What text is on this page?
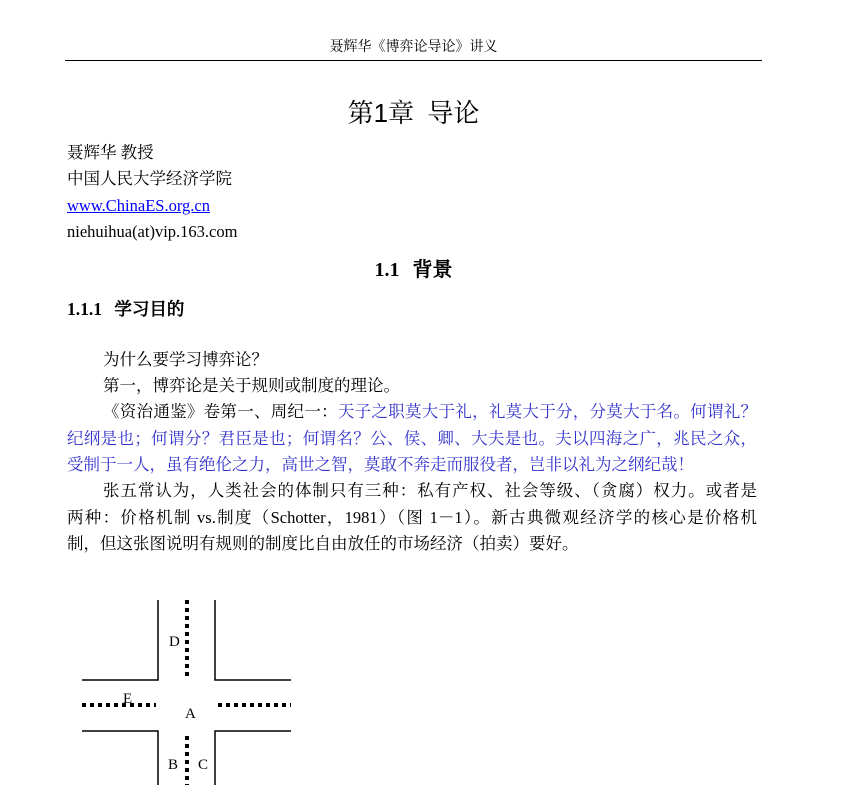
聂辉华《博弈论导论》讲义
第1章 导论
聂辉华 教授
中国人民大学经济学院
www.ChinaES.org.cn
niehuihua(at)vip.163.com
1.1 背景
1.1.1 学习目的
为什么要学习博弈论？
第一，博弈论是关于规则或制度的理论。
《资治通鉴》卷第一、周纪一：天子之职莫大于礼，礼莫大于分，分莫大于名。何谓礼？
纪纲是也；何谓分？君臣是也；何谓名？公、侯、卿、大夫是也。夫以四海之广，兆民之众，
受制于一人，虽有绝伦之力，高世之智，莫敢不奔走而服役者，岂非以礼为之纲纪哉！
张五常认为，人类社会的体制只有三种：私有产权、社会等级、（贪腐）权力。或者是
两种：价格机制 vs.制度（Schotter，1981）（图 1－1）。新古典微观经济学的核心是价格机
制，但这张图说明有规则的制度比自由放任的市场经济（拍卖）要好。
D
E
A
B C
